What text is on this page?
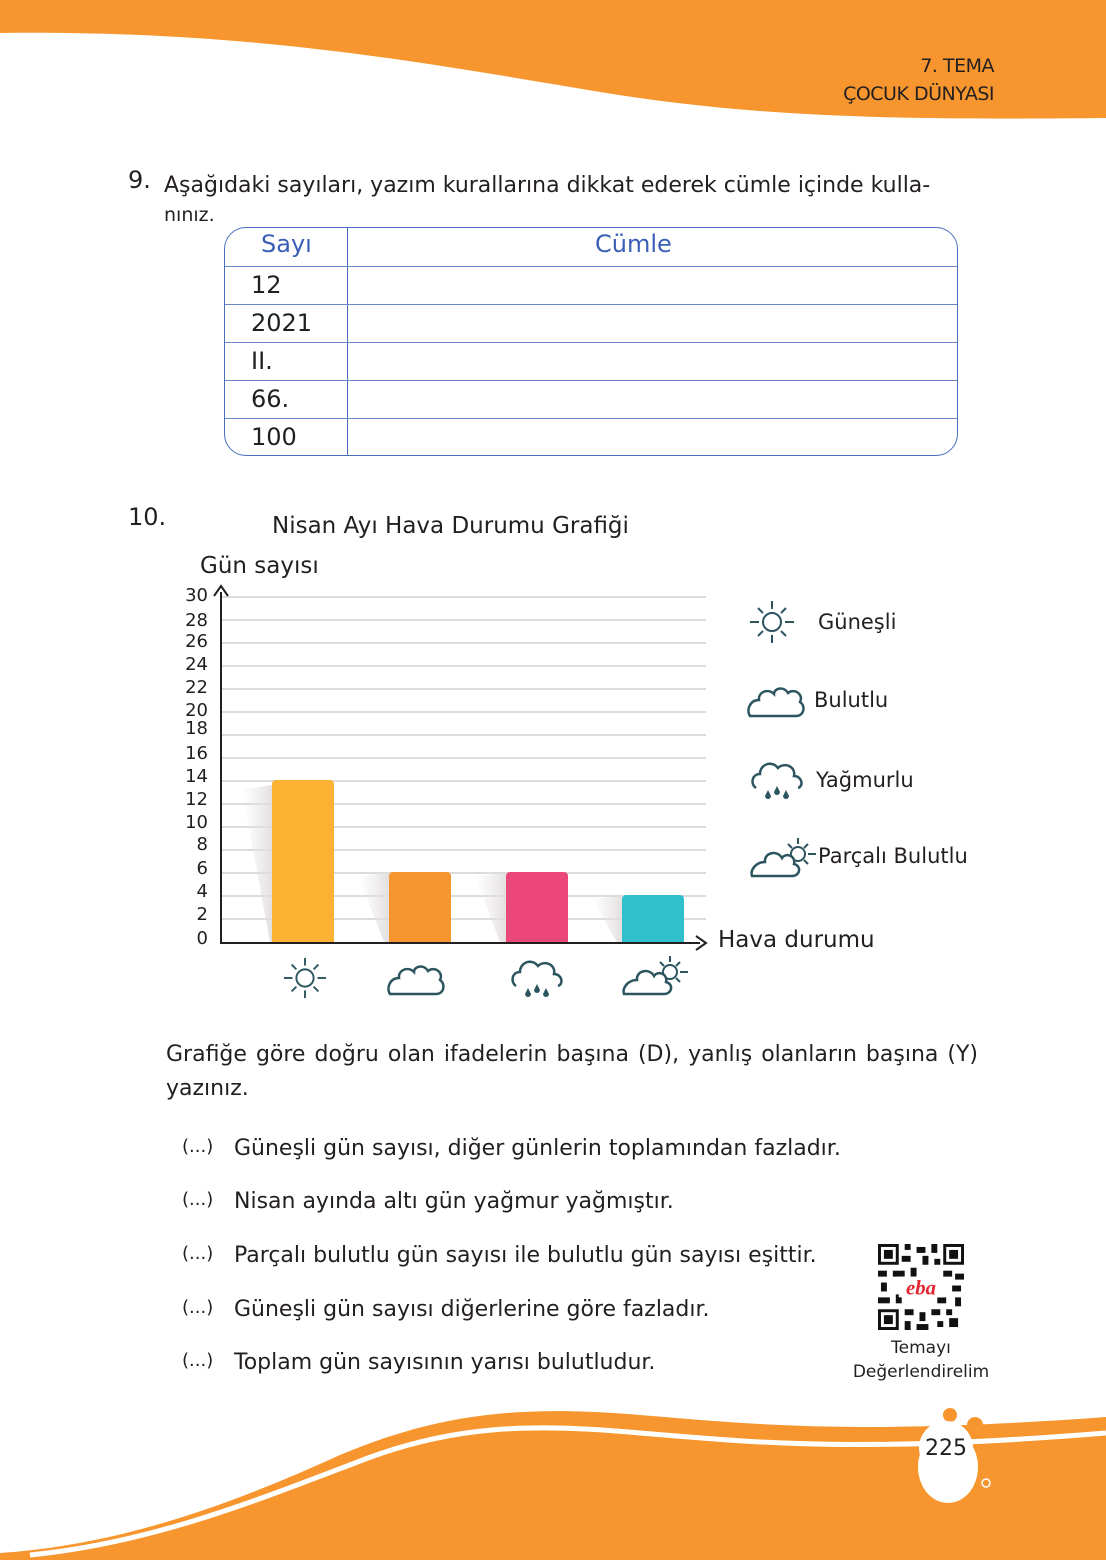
7. TEMA
ÇOCUK DÜNYASI
9. Aşağıdaki sayıları, yazım kurallarına dikkat ederek cümle içinde kulla-
nınız.
Sayı	Cümle
12
2021
II.
66.
100
10.	Nisan Ayı Hava Durumu Grafiği
Gün sayısı
30
28
26
24
22
20
18
16
14
12
10
8
6
4
2
0	Hava durumu
Güneşli
Bulutlu
Yağmurlu
Parçalı Bulutlu
Grafiğe göre doğru olan ifadelerin başına (D), yanlış olanların başına (Y) yazınız.
(...) Güneşli gün sayısı, diğer günlerin toplamından fazladır.
(...) Nisan ayında altı gün yağmur yağmıştır.
(...) Parçalı bulutlu gün sayısı ile bulutlu gün sayısı eşittir.
(...) Güneşli gün sayısı diğerlerine göre fazladır.
(...) Toplam gün sayısının yarısı bulutludur.
eba
Temayı
Değerlendirelim
225
